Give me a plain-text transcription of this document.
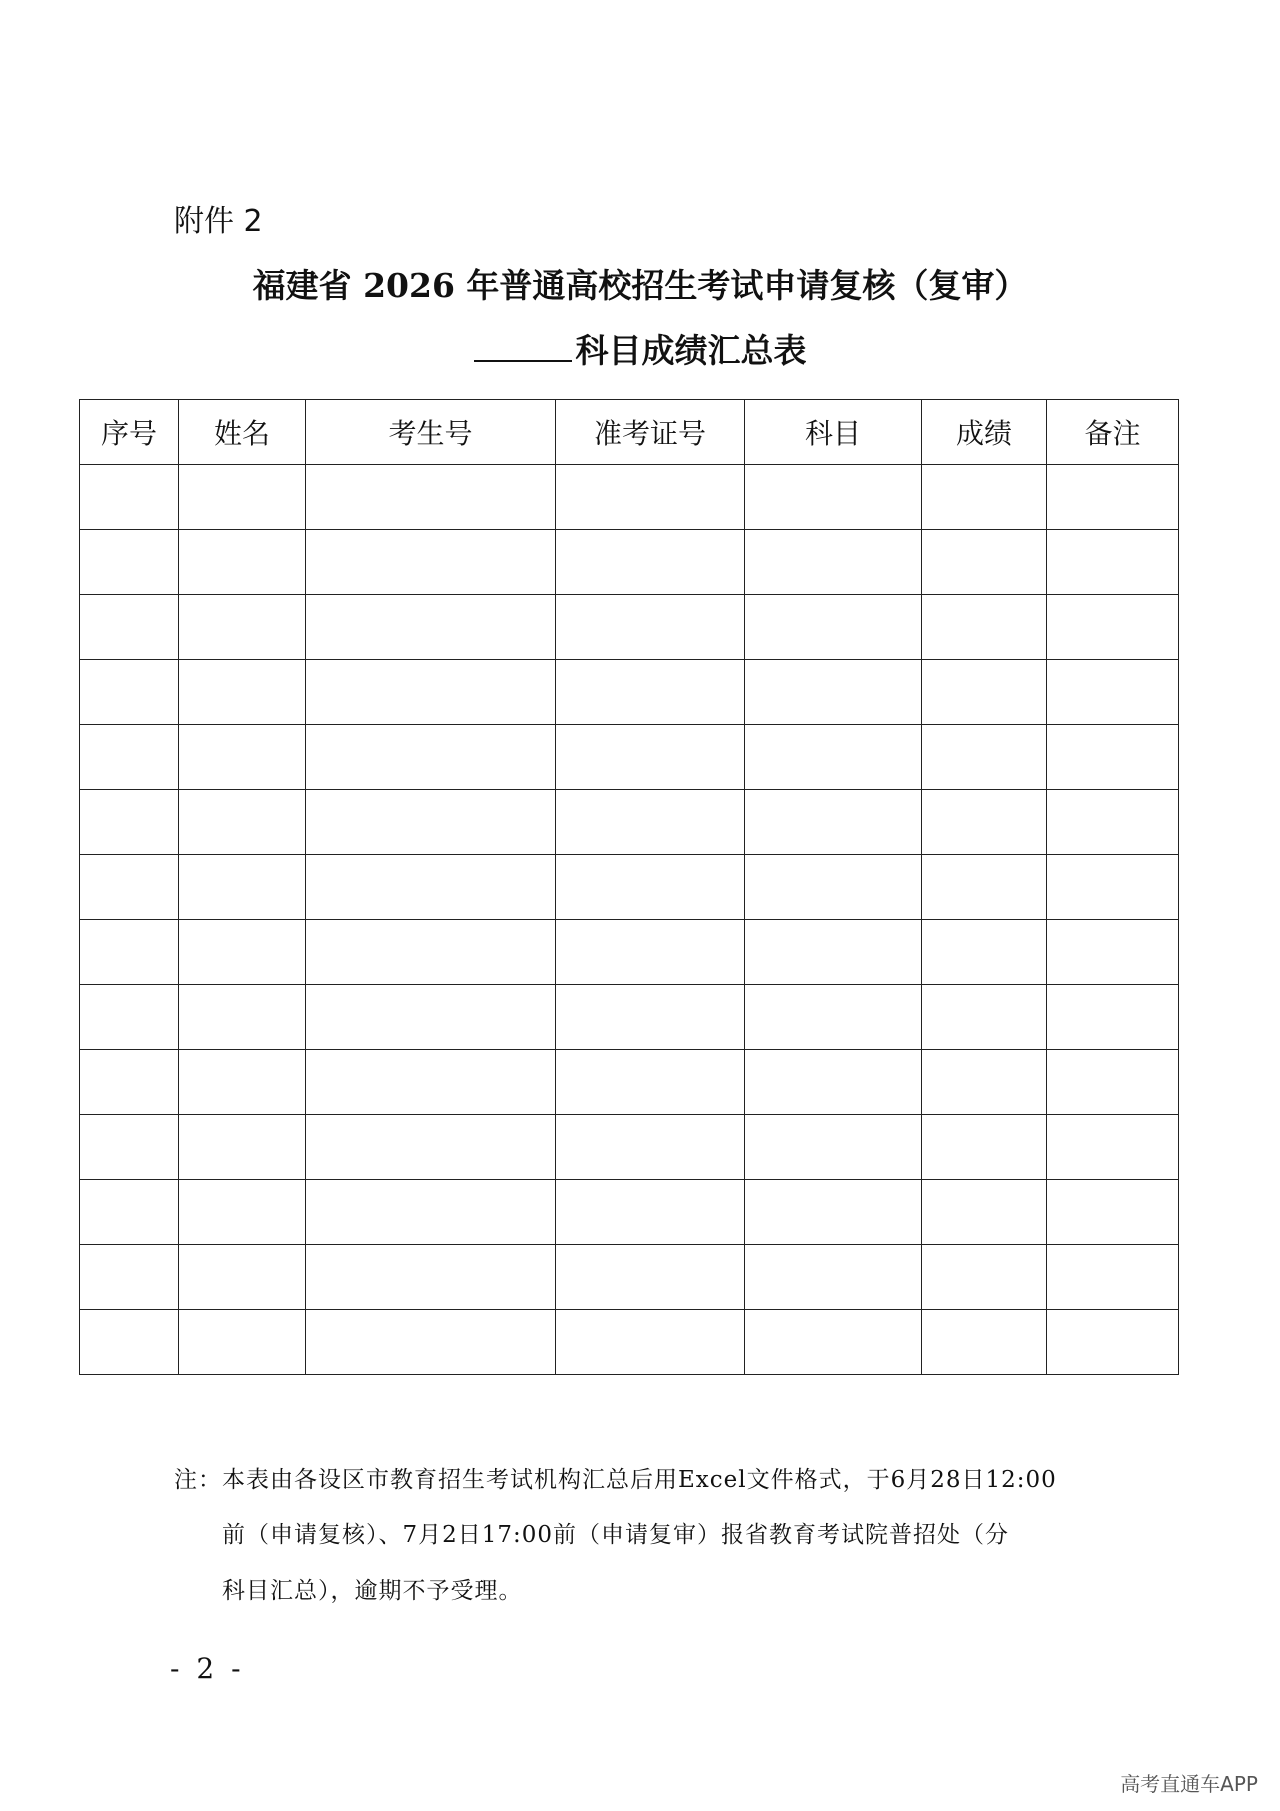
附件 2
福建省 2026 年普通高校招生考试申请复核（复审）
科目成绩汇总表
序号	姓名	考生号	准考证号	科目	成绩	备注

注：本表由各设区市教育招生考试机构汇总后用Excel文件格式，于6月28日12:00
前（申请复核）、7月2日17:00前（申请复审）报省教育考试院普招处（分
科目汇总），逾期不予受理。
- 2 -
高考直通车APP
